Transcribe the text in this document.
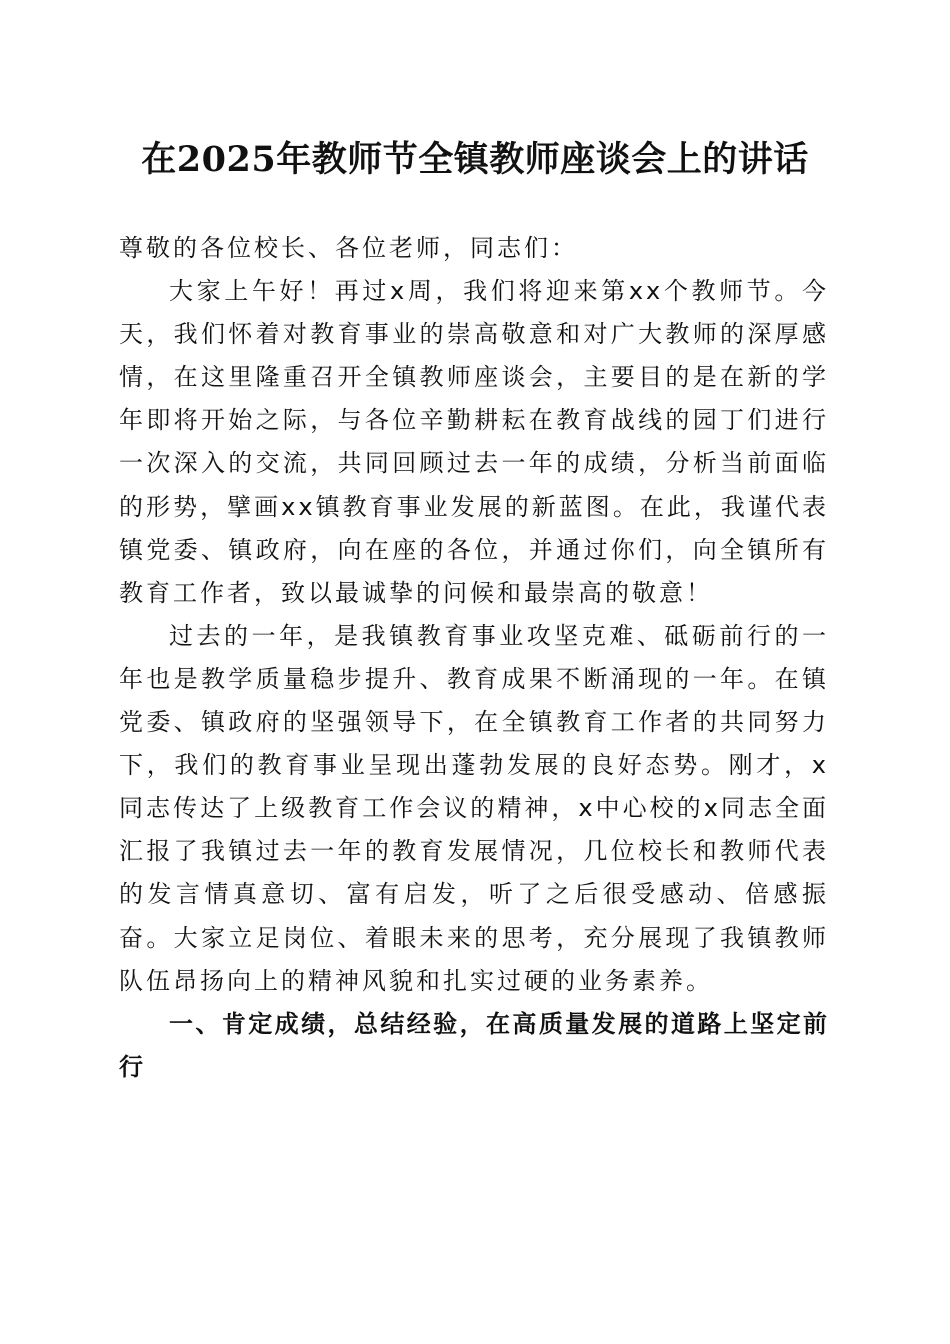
在2025年教师节全镇教师座谈会上的讲话

尊敬的各位校长、各位老师，同志们：

大家上午好！再过x周，我们将迎来第xx个教师节。今天，我们怀着对教育事业的崇高敬意和对广大教师的深厚感情，在这里隆重召开全镇教师座谈会，主要目的是在新的学年即将开始之际，与各位辛勤耕耘在教育战线的园丁们进行一次深入的交流，共同回顾过去一年的成绩，分析当前面临的形势，擘画xx镇教育事业发展的新蓝图。在此，我谨代表镇党委、镇政府，向在座的各位，并通过你们，向全镇所有教育工作者，致以最诚挚的问候和最崇高的敬意！

过去的一年，是我镇教育事业攻坚克难、砥砺前行的一年也是教学质量稳步提升、教育成果不断涌现的一年。在镇党委、镇政府的坚强领导下，在全镇教育工作者的共同努力下，我们的教育事业呈现出蓬勃发展的良好态势。刚才，x同志传达了上级教育工作会议的精神，x中心校的x同志全面汇报了我镇过去一年的教育发展情况，几位校长和教师代表的发言情真意切、富有启发，听了之后很受感动、倍感振奋。大家立足岗位、着眼未来的思考，充分展现了我镇教师队伍昂扬向上的精神风貌和扎实过硬的业务素养。

一、肯定成绩，总结经验，在高质量发展的道路上坚定前行
